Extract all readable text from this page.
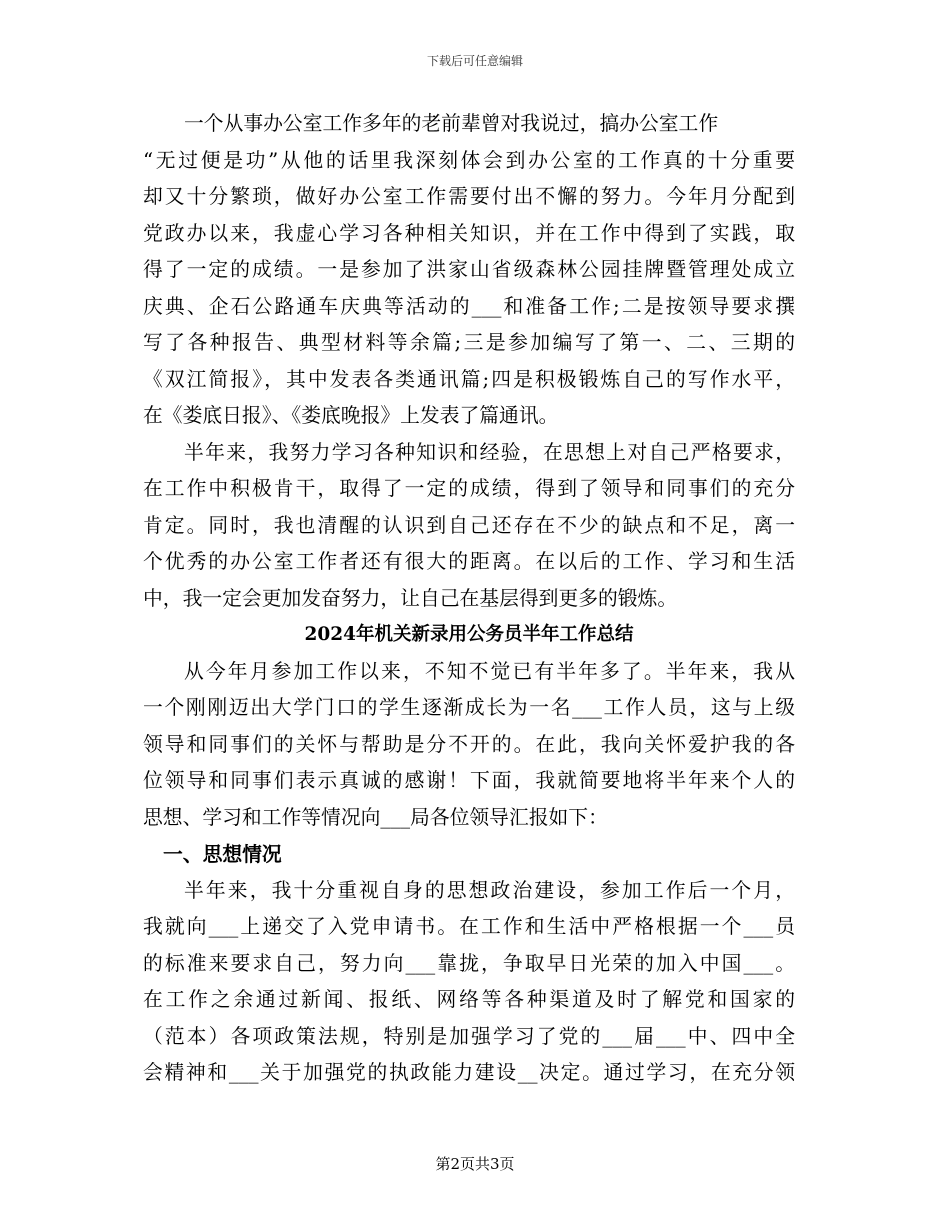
下载后可任意编辑
一个从事办公室工作多年的老前辈曾对我说过，搞办公室工作
“无过便是功”从他的话里我深刻体会到办公室的工作真的十分重要
却又十分繁琐，做好办公室工作需要付出不懈的努力。今年月分配到
党政办以来，我虚心学习各种相关知识，并在工作中得到了实践，取
得了一定的成绩。一是参加了洪家山省级森林公园挂牌暨管理处成立
庆典、企石公路通车庆典等活动的___和准备工作;二是按领导要求撰
写了各种报告、典型材料等余篇;三是参加编写了第一、二、三期的
《双江简报》，其中发表各类通讯篇;四是积极锻炼自己的写作水平，
在《娄底日报》、《娄底晚报》上发表了篇通讯。
半年来，我努力学习各种知识和经验，在思想上对自己严格要求，
在工作中积极肯干，取得了一定的成绩，得到了领导和同事们的充分
肯定。同时，我也清醒的认识到自己还存在不少的缺点和不足，离一
个优秀的办公室工作者还有很大的距离。在以后的工作、学习和生活
中，我一定会更加发奋努力，让自己在基层得到更多的锻炼。
2024年机关新录用公务员半年工作总结
从今年月参加工作以来，不知不觉已有半年多了。半年来，我从
一个刚刚迈出大学门口的学生逐渐成长为一名___工作人员，这与上级
领导和同事们的关怀与帮助是分不开的。在此，我向关怀爱护我的各
位领导和同事们表示真诚的感谢！下面，我就简要地将半年来个人的
思想、学习和工作等情况向___局各位领导汇报如下：
一、思想情况
半年来，我十分重视自身的思想政治建设，参加工作后一个月，
我就向___上递交了入党申请书。在工作和生活中严格根据一个___员
的标准来要求自己，努力向___靠拢，争取早日光荣的加入中国___。
在工作之余通过新闻、报纸、网络等各种渠道及时了解党和国家的
（范本）各项政策法规，特别是加强学习了党的___届___中、四中全
会精神和___关于加强党的执政能力建设__决定。通过学习，在充分领
第2页共3页
